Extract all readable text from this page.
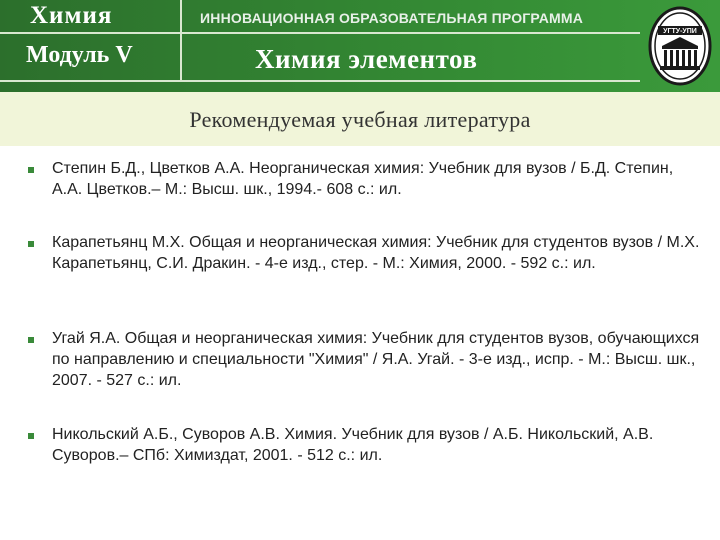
Химия
Модуль V
ИННОВАЦИОННАЯ ОБРАЗОВАТЕЛЬНАЯ ПРОГРАММА
Химия элементов
УГТУ-УПИ
Рекомендуемая учебная литература
Степин Б.Д., Цветков А.А. Неорганическая химия: Учебник для вузов / Б.Д. Степин, А.А. Цветков.– М.: Высш. шк., 1994.- 608 с.: ил.
Карапетьянц М.Х. Общая и неорганическая химия: Учебник для студентов вузов / М.Х. Карапетьянц, С.И. Дракин. - 4-е изд., стер. - М.: Химия, 2000. - 592 с.: ил.
Угай Я.А. Общая и неорганическая химия: Учебник для студентов вузов, обучающихся по направлению и специальности "Химия" / Я.А. Угай. - 3-е изд., испр. - М.: Высш. шк., 2007. - 527 с.: ил.
Никольский А.Б., Суворов А.В. Химия. Учебник для вузов / А.Б. Никольский, А.В. Суворов.– СПб: Химиздат, 2001. - 512 с.: ил.
